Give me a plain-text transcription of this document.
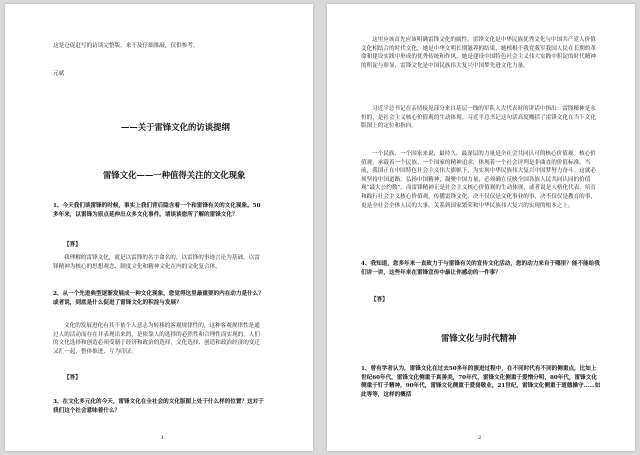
这是仓促赶写的访谈完整版，来不及仔细推敲，仅供参考。

元斌

——关于雷锋文化的访谈提纲

雷锋文化——一种值得关注的文化现象

1、今天我们谈雷锋的时候，事实上我们背后隐含着一个和雷锋有关的文化现象。50多年来，以雷锋为原点延伸出众多文化事件。请谈谈您所了解的雷锋文化？

【答】

我理解的雷锋文化，就是以雷锋的名字命名的，以雷锋的事迹言论为基础，以雷锋精神为核心的思想观念、制度文化和精神文化在内的文化复合体。

2、从一个先进典型逐渐发展成一种文化现象，您觉得这里最重要的内在动力是什么？或者说，到底是什么促进了雷锋文化的积淀与发展？

文化的发展进化有其不依个人意志为转移的客观规律性的，这种客观规律性是通过人的活动而存在并表现出来的，是依靠人的选择的必然性和合理性而实现的。人们的文化选择和创造必须受制于经济和政治的选择，文化选择、创造和政治经济的变迁又汇一起，整体推进、互为印证。

【答】

3、在文化多元化的今天，雷锋文化在全社会的文化版图上处于什么样的位置？这对于我们这个社会意味着什么？

1

这里应该首先应该明确雷锋文化的属性，雷锋文化是中华民族优秀文化与中国共产党人价值文化相结合的时代文化，她是中华文明长期滋养的结果，她植根于我党我军我国人民在长期的革命和建设实践中形成的优秀传统和作风，她是建设中国特色社会主义伟大实践中积淀的时代精神的积淀与彰显，雷锋文化是中国民族伟大复兴中国梦先进文化力量。

习近平总书记在亲切接见部分来自基层一线的军队人大代表时的讲话中指出：雷锋精神是永恒的，是社会主义核心价值观的生动体现。习近平总书记这句话高度概括了雷锋文化在当下文化版图上的定位和指向。

一个民族、一个国家来说，最持久、最深层的力量是全社会共同认可的核心价值观。核心价值观，承载着一个民族、一个国家的精神追求，体现着一个社会评判是非曲直的价值标准。当前，我国正在中国特色社会主义伟大旗帜下，为实现中华民族伟大复兴中国梦努力奋斗。这就必须坚持中国道路，弘扬中国精神，凝聚中国力量，必须确立反映全国各族人民共同认同的价值观“最大公约数”。而雷锋精神正是社会主义核心价值观的生动体现，或者说是人格化代表，培育和践行社会主义核心价值观，传播雷锋文化，决不仅仅是文化事业的事，决不仅仅是教育的事，更是全社会全体人民的大事，关系到国家繁荣和中华民族伟大复兴的实现的根本之上。

4、我知道，您多年来一直致力于与雷锋有关的宣传文化活动，您的动力来自于哪里？能不能给我们讲一讲，这些年来在雷锋宣传中最让你感动的一件事？

【答】

雷锋文化与时代精神

1、曾有学者认为，雷锋文化在过去50多年的演进过程中，在不同时代有不同的侧重点，比如上世纪60年代，雷锋文化侧重于真善美，70年代，雷锋文化侧重于爱憎分明，80年代，雷锋文化侧重于钉子精神，90年代，雷锋文化侧重于爱岗敬业，21世纪，雷锋文化侧重于道德操守……如此等等，这样的概括

2
